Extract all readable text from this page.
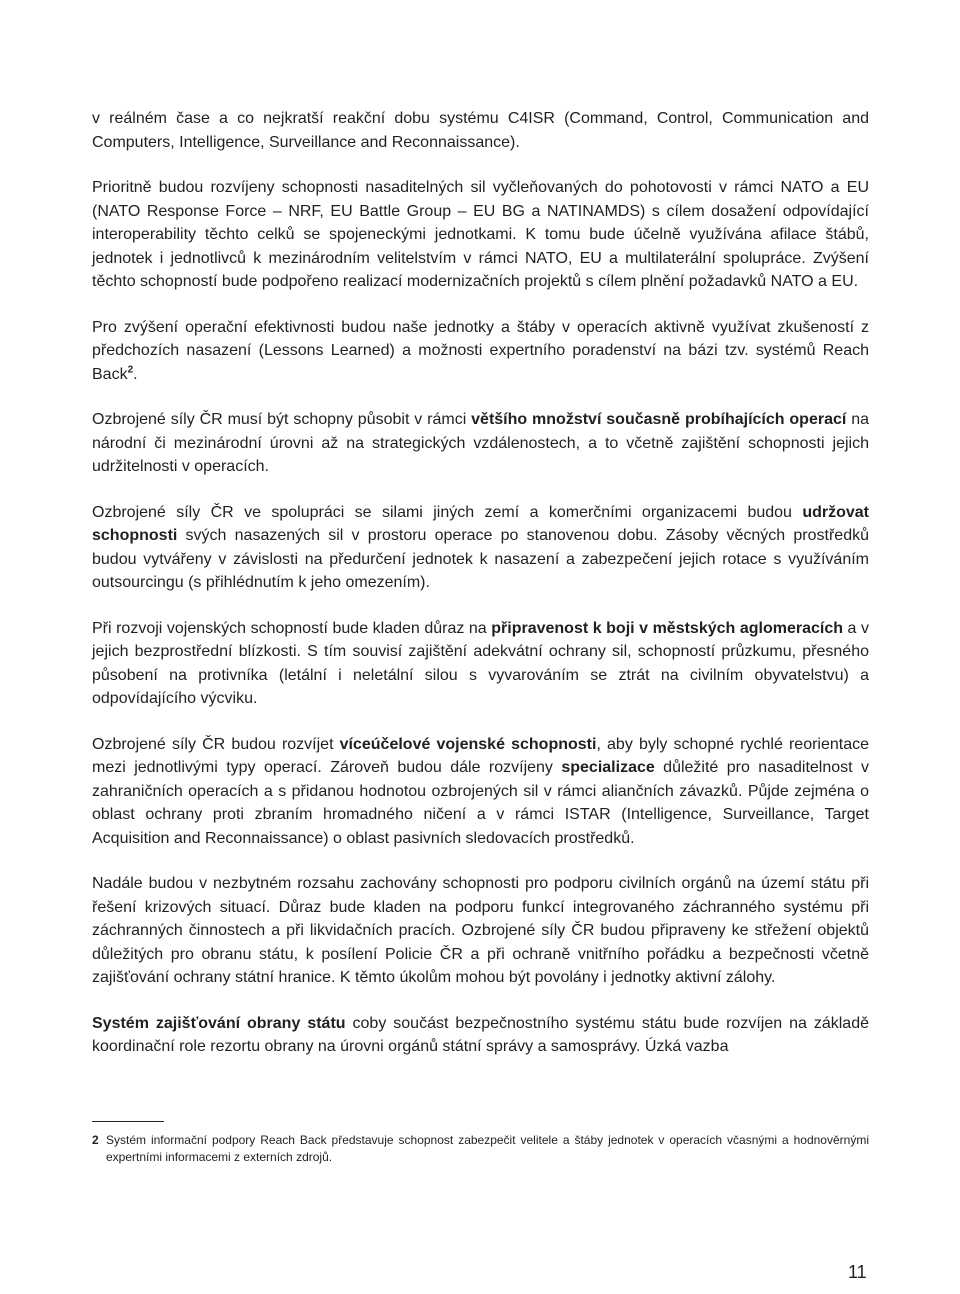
v reálném čase a co nejkratší reakční dobu systému C4ISR (Command, Control, Communication and Computers, Intelligence, Surveillance and Reconnaissance).

Prioritně budou rozvíjeny schopnosti nasaditelných sil vyčleňovaných do pohotovosti v rámci NATO a EU (NATO Response Force – NRF, EU Battle Group – EU BG a NATINAMDS) s cílem dosažení odpovídající interoperability těchto celků se spojeneckými jednotkami. K tomu bude účelně využívána afilace štábů, jednotek i jednotlivců k mezinárodním velitelstvím v rámci NATO, EU a multilaterální spolupráce. Zvýšení těchto schopností bude podpořeno realizací modernizačních projektů s cílem plnění požadavků NATO a EU.

Pro zvýšení operační efektivnosti budou naše jednotky a štáby v operacích aktivně využívat zkušeností z předchozích nasazení (Lessons Learned) a možnosti expertního poradenství na bázi tzv. systémů Reach Back$^2$.

Ozbrojené síly ČR musí být schopny působit v rámci většího množství současně probíhajících operací na národní či mezinárodní úrovni až na strategických vzdálenostech, a to včetně zajištění schopnosti jejich udržitelnosti v operacích.

Ozbrojené síly ČR ve spolupráci se silami jiných zemí a komerčními organizacemi budou udržovat schopnosti svých nasazených sil v prostoru operace po stanovenou dobu. Zásoby věcných prostředků budou vytvářeny v závislosti na předurčení jednotek k nasazení a zabezpečení jejich rotace s využíváním outsourcingu (s přihlédnutím k jeho omezením).

Při rozvoji vojenských schopností bude kladen důraz na připravenost k boji v městských aglomeracích a v jejich bezprostřední blízkosti. S tím souvisí zajištění adekvátní ochrany sil, schopností průzkumu, přesného působení na protivníka (letální i neletální silou s vyvarováním se ztrát na civilním obyvatelstvu) a odpovídajícího výcviku.

Ozbrojené síly ČR budou rozvíjet víceúčelové vojenské schopnosti, aby byly schopné rychlé reorientace mezi jednotlivými typy operací. Zároveň budou dále rozvíjeny specializace důležité pro nasaditelnost v zahraničních operacích a s přidanou hodnotou ozbrojených sil v rámci aliančních závazků. Půjde zejména o oblast ochrany proti zbraním hromadného ničení a v rámci ISTAR (Intelligence, Surveillance, Target Acquisition and Reconnaissance) o oblast pasivních sledovacích prostředků.

Nadále budou v nezbytném rozsahu zachovány schopnosti pro podporu civilních orgánů na území státu při řešení krizových situací. Důraz bude kladen na podporu funkcí integrovaného záchranného systému při záchranných činnostech a při likvidačních pracích. Ozbrojené síly ČR budou připraveny ke střežení objektů důležitých pro obranu státu, k posílení Policie ČR a při ochraně vnitřního pořádku a bezpečnosti včetně zajišťování ochrany státní hranice. K těmto úkolům mohou být povolány i jednotky aktivní zálohy.

Systém zajišťování obrany státu coby součást bezpečnostního systému státu bude rozvíjen na základě koordinační role rezortu obrany na úrovni orgánů státní správy a samosprávy. Úzká vazba

2 Systém informační podpory Reach Back představuje schopnost zabezpečit velitele a štáby jednotek v operacích včasnými a hodnověrnými expertními informacemi z externích zdrojů.
11
